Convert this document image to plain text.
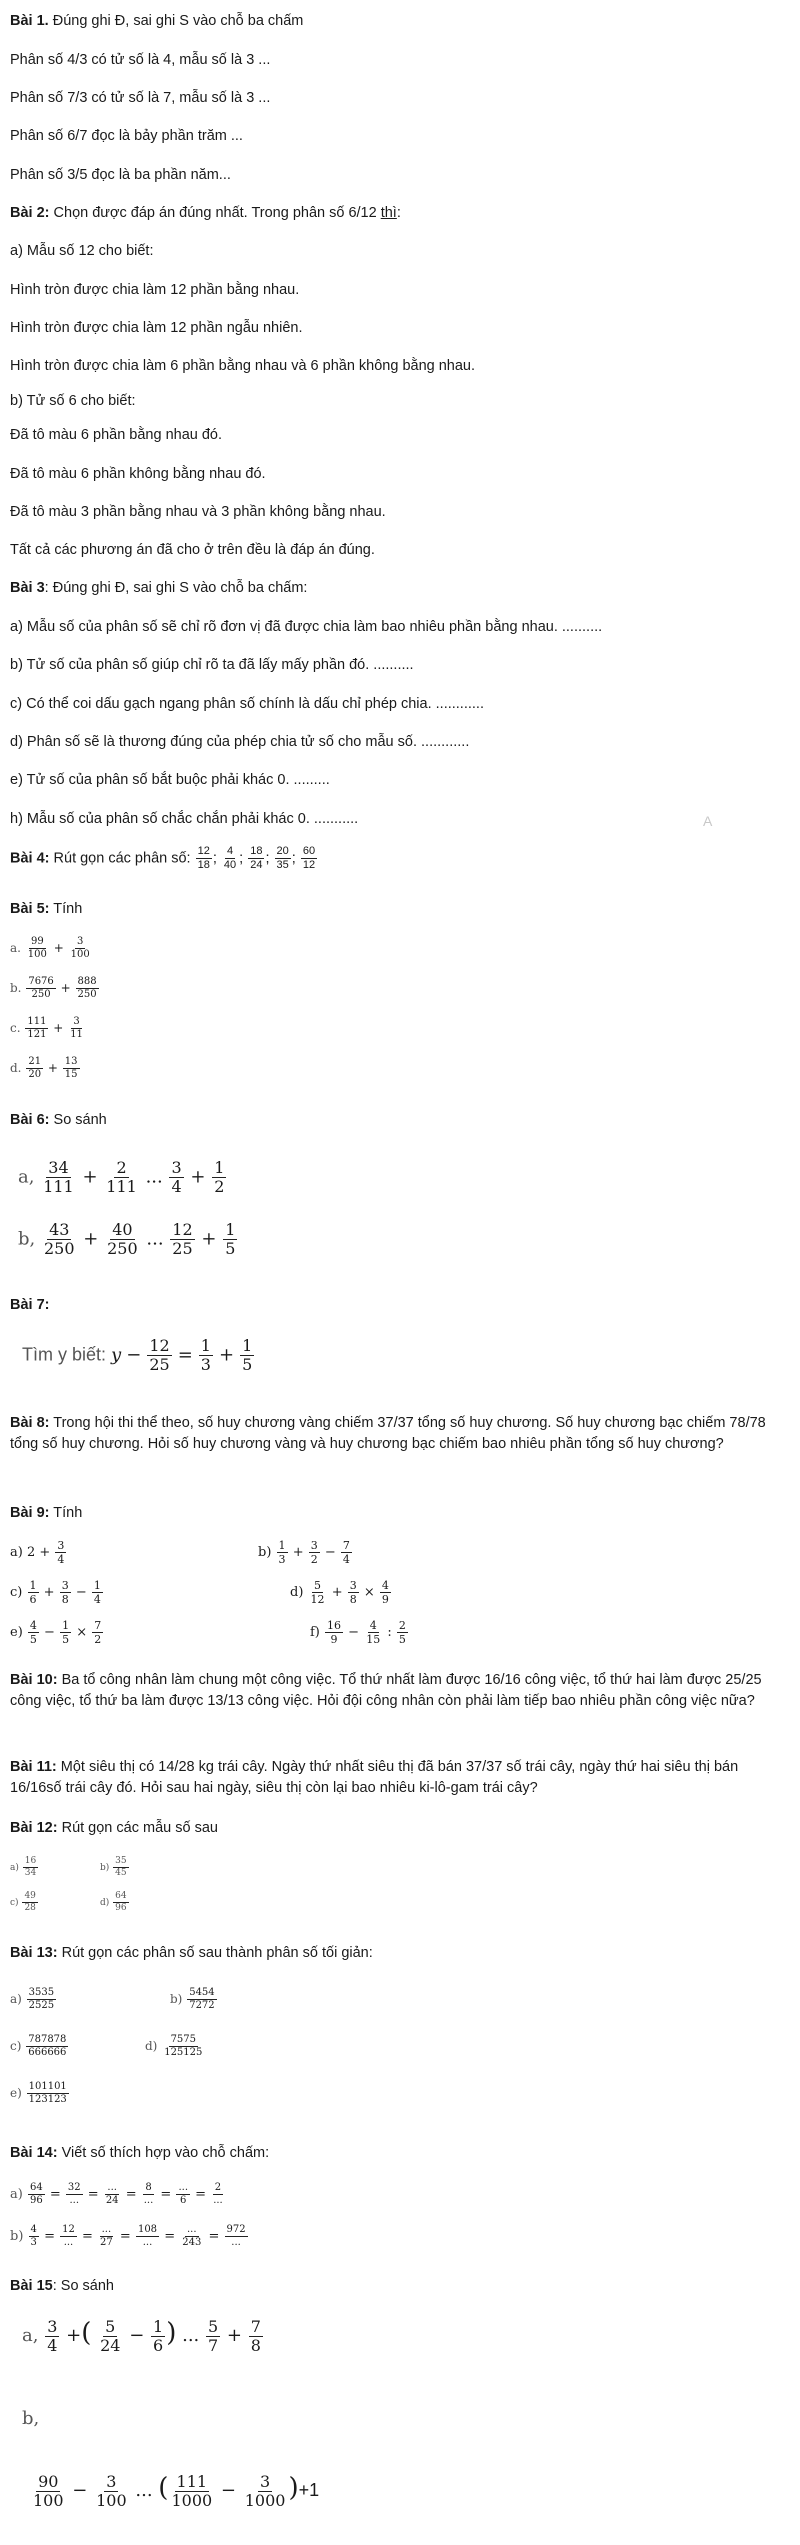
Bài 1. Đúng ghi Đ, sai ghi S vào chỗ ba chấm
Phân số 4/3 có tử số là 4, mẫu số là 3 ...
Phân số 7/3 có tử số là 7, mẫu số là 3 ...
Phân số 6/7 đọc là bảy phần trăm ...
Phân số 3/5 đọc là ba phần năm...
Bài 2: Chọn được đáp án đúng nhất. Trong phân số 6/12 thì:
a) Mẫu số 12 cho biết:
Hình tròn được chia làm 12 phần bằng nhau.
Hình tròn được chia làm 12 phần ngẫu nhiên.
Hình tròn được chia làm 6 phần bằng nhau và 6 phần không bằng nhau.
b) Tử số 6 cho biết:
Đã tô màu 6 phần bằng nhau đó.
Đã tô màu 6 phần không bằng nhau đó.
Đã tô màu 3 phần bằng nhau và 3 phần không bằng nhau.
Tất cả các phương án đã cho ở trên đều là đáp án đúng.
Bài 3: Đúng ghi Đ, sai ghi S vào chỗ ba chấm:
a) Mẫu số của phân số sẽ chỉ rõ đơn vị đã được chia làm bao nhiêu phần bằng nhau. ..........
b) Tử số của phân số giúp chỉ rõ ta đã lấy mấy phần đó. ..........
c) Có thể coi dấu gạch ngang phân số chính là dấu chỉ phép chia. ............
d) Phân số sẽ là thương đúng của phép chia tử số cho mẫu số. ............
e) Tử số của phân số bắt buộc phải khác 0. .........
h) Mẫu số của phân số chắc chắn phải khác 0. ...........	A
Bài 4: Rút gọn các phân số: $\frac{12}{18}$ ; $\frac{4}{40}$ ; $\frac{18}{24}$ ; $\frac{20}{35}$ ; $\frac{60}{12}$
Bài 5: Tính
a. $\frac{99}{100} + \frac{3}{100}$
b. $\frac{7676}{250} + \frac{888}{250}$
c. $\frac{111}{121} + \frac{3}{11}$
d. $\frac{21}{20} + \frac{13}{15}$
Bài 6: So sánh
a, $\frac{34}{111} + \frac{2}{111}$ ... $\frac{3}{4} + \frac{1}{2}$
b, $\frac{43}{250} + \frac{40}{250}$ ... $\frac{12}{25} + \frac{1}{5}$
Bài 7:
Tìm y biết: $y - \frac{12}{25} = \frac{1}{3} + \frac{1}{5}$
Bài 8: Trong hội thi thể theo, số huy chương vàng chiếm 37/37 tổng số huy chương. Số huy chương bạc chiếm 78/78 tổng số huy chương. Hỏi số huy chương vàng và huy chương bạc chiếm bao nhiêu phần tổng số huy chương?
Bài 9: Tính
a) $2 + \frac{3}{4}$	$b) \frac{1}{3} + \frac{3}{2} - \frac{7}{4}$
$c) \frac{1}{6} + \frac{3}{8} - \frac{1}{4}$	$d) \frac{5}{12} + \frac{3}{8} \times \frac{4}{9}$
$e) \frac{4}{5} - \frac{1}{5} \times \frac{7}{2}$	$f) \frac{16}{9} - \frac{4}{15}$ : $\frac{2}{5}$
Bài 10: Ba tổ công nhân làm chung một công việc. Tổ thứ nhất làm được 16/16 công việc, tổ thứ hai làm được 25/25 công việc, tổ thứ ba làm được 13/13 công việc. Hỏi đội công nhân còn phải làm tiếp bao nhiêu phần công việc nữa?
Bài 11: Một siêu thị có 14/28 kg trái cây. Ngày thứ nhất siêu thị đã bán 37/37 số trái cây, ngày thứ hai siêu thị bán 16/16số trái cây đó. Hỏi sau hai ngày, siêu thị còn lại bao nhiêu ki-lô-gam trái cây?
Bài 12: Rút gọn các mẫu số sau
$a) \frac{16}{34}$	$b) \frac{35}{45}$
$c) \frac{49}{28}$	$d) \frac{64}{96}$
Bài 13: Rút gọn các phân số sau thành phân số tối giản:
$a) \frac{3535}{2525}$	$b) \frac{5454}{7272}$
$c) \frac{787878}{666666}$	$d) \frac{7575}{125125}$
$e) \frac{101101}{123123}$
Bài 14: Viết số thích hợp vào chỗ chấm:
$a) \frac{64}{96} = 32$
... = ...
24 = 8
... = ...
6 = 2
...
$b) \frac{4}{3} = 12$
... = ...
27 = 108
... = ...
243 = 972
...
Bài 15: So sánh
a, $\frac{3}{4}$ +( $\frac{5}{24} - \frac{1}{6}$ ) ... $\frac{5}{7} + \frac{7}{8}$
b,
$\frac{90}{100} - \frac{3}{100}$ ... ( $\frac{111}{1000} - \frac{3}{1000} )+1$
